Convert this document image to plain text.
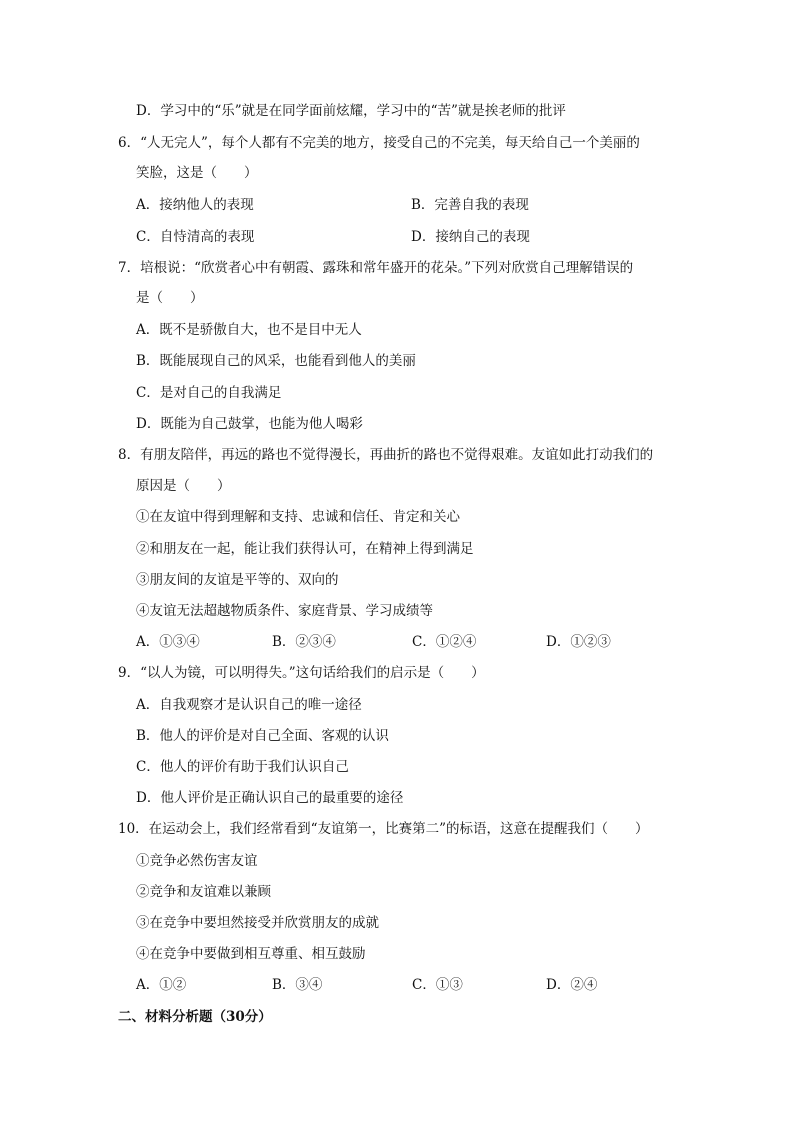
D．学习中的“乐”就是在同学面前炫耀，学习中的“苦”就是挨老师的批评
6．“人无完人”，每个人都有不完美的地方，接受自己的不完美，每天给自己一个美丽的
笑脸，这是（　　）
A．接纳他人的表现	B．完善自我的表现
C．自恃清高的表现	D．接纳自己的表现
7．培根说：“欣赏者心中有朝霞、露珠和常年盛开的花朵。”下列对欣赏自己理解错误的
是（　　）
A．既不是骄傲自大，也不是目中无人
B．既能展现自己的风采，也能看到他人的美丽
C．是对自己的自我满足
D．既能为自己鼓掌，也能为他人喝彩
8．有朋友陪伴，再远的路也不觉得漫长，再曲折的路也不觉得艰难。友谊如此打动我们的
原因是（　　）
①在友谊中得到理解和支持、忠诚和信任、肯定和关心
②和朋友在一起，能让我们获得认可，在精神上得到满足
③朋友间的友谊是平等的、双向的
④友谊无法超越物质条件、家庭背景、学习成绩等
A．①③④	B．②③④	C．①②④	D．①②③
9．“以人为镜，可以明得失。”这句话给我们的启示是（　　）
A．自我观察才是认识自己的唯一途径
B．他人的评价是对自己全面、客观的认识
C．他人的评价有助于我们认识自己
D．他人评价是正确认识自己的最重要的途径
10．在运动会上，我们经常看到“友谊第一，比赛第二”的标语，这意在提醒我们（　　）
①竞争必然伤害友谊
②竞争和友谊难以兼顾
③在竞争中要坦然接受并欣赏朋友的成就
④在竞争中要做到相互尊重、相互鼓励
A．①②	B．③④	C．①③	D．②④
二、材料分析题（30分）
